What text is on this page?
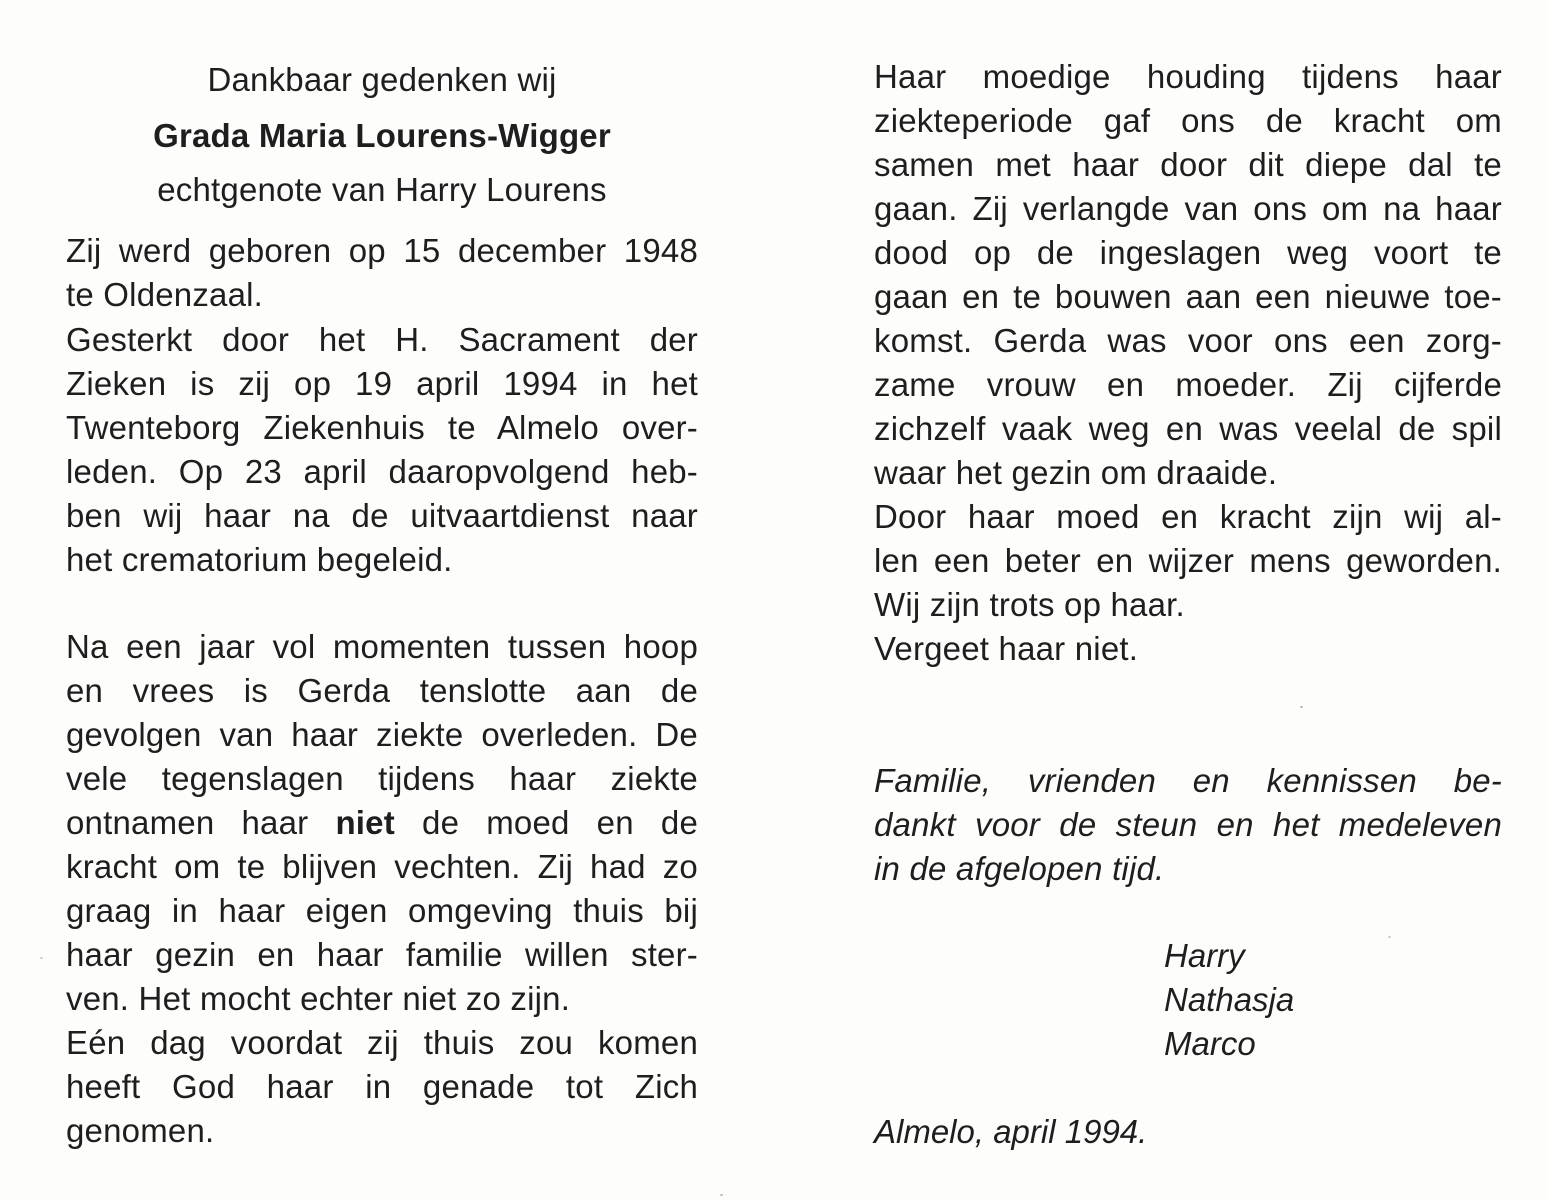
Dankbaar gedenken wij
Grada Maria Lourens-Wigger
echtgenote van Harry Lourens
Zij werd geboren op 15 december 1948
te Oldenzaal.
Gesterkt door het H. Sacrament der
Zieken is zij op 19 april 1994 in het
Twenteborg Ziekenhuis te Almelo over-
leden. Op 23 april daaropvolgend heb-
ben wij haar na de uitvaartdienst naar
het crematorium begeleid.
Na een jaar vol momenten tussen hoop
en vrees is Gerda tenslotte aan de
gevolgen van haar ziekte overleden. De
vele tegenslagen tijdens haar ziekte
ontnamen haar niet de moed en de
kracht om te blijven vechten. Zij had zo
graag in haar eigen omgeving thuis bij
haar gezin en haar familie willen ster-
ven. Het mocht echter niet zo zijn.
Eén dag voordat zij thuis zou komen
heeft God haar in genade tot Zich
genomen.
Haar moedige houding tijdens haar
ziekteperiode gaf ons de kracht om
samen met haar door dit diepe dal te
gaan. Zij verlangde van ons om na haar
dood op de ingeslagen weg voort te
gaan en te bouwen aan een nieuwe toe-
komst. Gerda was voor ons een zorg-
zame vrouw en moeder. Zij cijferde
zichzelf vaak weg en was veelal de spil
waar het gezin om draaide.
Door haar moed en kracht zijn wij al-
len een beter en wijzer mens geworden.
Wij zijn trots op haar.
Vergeet haar niet.
Familie, vrienden en kennissen be-
dankt voor de steun en het medeleven
in de afgelopen tijd.
Harry
Nathasja
Marco
Almelo, april 1994.
